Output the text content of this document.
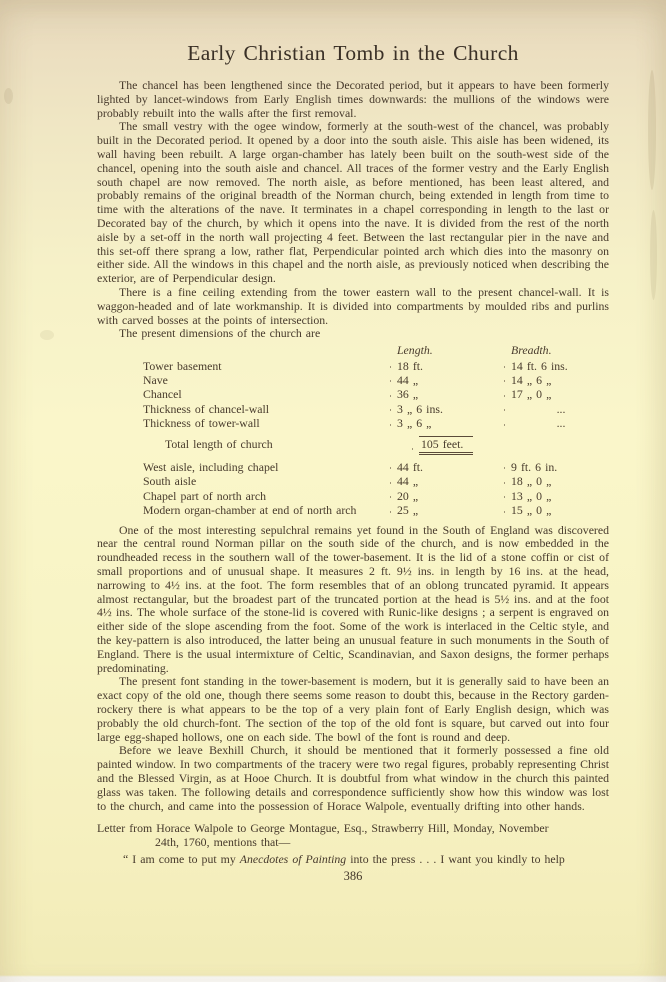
Early Christian Tomb in the Church

The chancel has been lengthened since the Decorated period, but it appears to have been formerly lighted by lancet-windows from Early English times downwards: the mullions of the windows were probably rebuilt into the walls after the first removal.

The small vestry with the ogee window, formerly at the south-west of the chancel, was probably built in the Decorated period. It opened by a door into the south aisle. This aisle has been widened, its wall having been rebuilt. A large organ-chamber has lately been built on the south-west side of the chancel, opening into the south aisle and chancel. All traces of the former vestry and the Early English south chapel are now removed. The north aisle, as before mentioned, has been least altered, and probably remains of the original breadth of the Norman church, being extended in length from time to time with the alterations of the nave. It terminates in a chapel corresponding in length to the last or Decorated bay of the church, by which it opens into the nave. It is divided from the rest of the north aisle by a set-off in the north wall projecting 4 feet. Between the last rectangular pier in the nave and this set-off there sprang a low, rather flat, Perpendicular pointed arch which dies into the masonry on either side. All the windows in this chapel and the north aisle, as previously noticed when describing the exterior, are of Perpendicular design.

There is a fine ceiling extending from the tower eastern wall to the present chancel-wall. It is waggon-headed and of late workmanship. It is divided into compartments by moulded ribs and purlins with carved bosses at the points of intersection.

The present dimensions of the church are

Length.	Breadth.
Tower basement	18 ft.	14 ft. 6 ins.
Nave	44 „	14 „ 6 „
Chancel	36 „	17 „ 0 „
Thickness of chancel-wall	3 „ 6 ins.	...
Thickness of tower-wall	3 „ 6 „	...
Total length of church	105 feet.
West aisle, including chapel	44 ft.	9 ft. 6 in.
South aisle	44 „	18 „ 0 „
Chapel part of north arch	20 „	13 „ 0 „
Modern organ-chamber at end of north arch	25 „	15 „ 0 „

One of the most interesting sepulchral remains yet found in the South of England was discovered near the central round Norman pillar on the south side of the church, and is now embedded in the roundheaded recess in the southern wall of the tower-basement. It is the lid of a stone coffin or cist of small proportions and of unusual shape. It measures 2 ft. 9½ ins. in length by 16 ins. at the head, narrowing to 4½ ins. at the foot. The form resembles that of an oblong truncated pyramid. It appears almost rectangular, but the broadest part of the truncated portion at the head is 5½ ins. and at the foot 4½ ins. The whole surface of the stone-lid is covered with Runic-like designs ; a serpent is engraved on either side of the slope ascending from the foot. Some of the work is interlaced in the Celtic style, and the key-pattern is also introduced, the latter being an unusual feature in such monuments in the South of England. There is the usual intermixture of Celtic, Scandinavian, and Saxon designs, the former perhaps predominating.

The present font standing in the tower-basement is modern, but it is generally said to have been an exact copy of the old one, though there seems some reason to doubt this, because in the Rectory garden-rockery there is what appears to be the top of a very plain font of Early English design, which was probably the old church-font. The section of the top of the old font is square, but carved out into four large egg-shaped hollows, one on each side. The bowl of the font is round and deep.

Before we leave Bexhill Church, it should be mentioned that it formerly possessed a fine old painted window. In two compartments of the tracery were two regal figures, probably representing Christ and the Blessed Virgin, as at Hooe Church. It is doubtful from what window in the church this painted glass was taken. The following details and correspondence sufficiently show how this window was lost to the church, and came into the possession of Horace Walpole, eventually drifting into other hands.

Letter from Horace Walpole to George Montague, Esq., Strawberry Hill, Monday, November
24th, 1760, mentions that—

“ I am come to put my Anecdotes of Painting into the press . . . I want you kindly to help

386
